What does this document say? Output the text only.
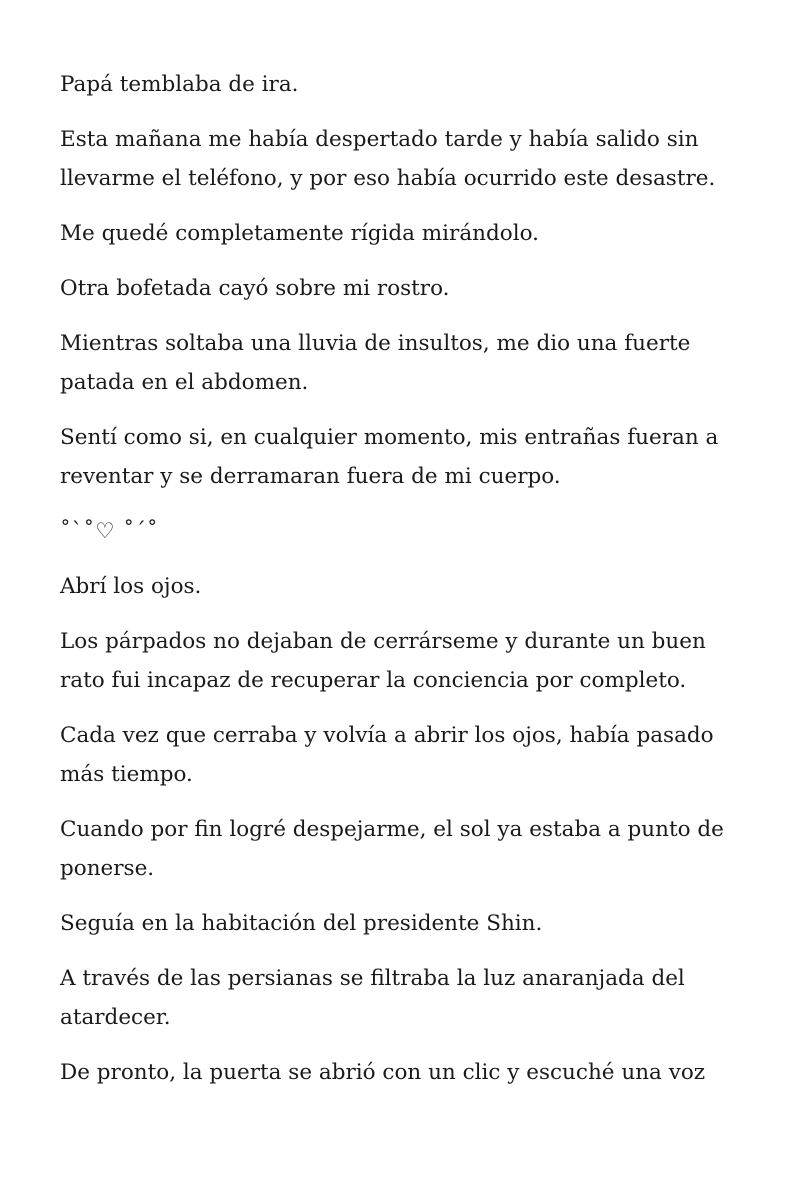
Papá temblaba de ira.

Esta mañana me había despertado tarde y había salido sin llevarme el teléfono, y por eso había ocurrido este desastre.

Me quedé completamente rígida mirándolo.

Otra bofetada cayó sobre mi rostro.

Mientras soltaba una lluvia de insultos, me dio una fuerte patada en el abdomen.

Sentí como si, en cualquier momento, mis entrañas fueran a reventar y se derramaran fuera de mi cuerpo.

˚`˚♡ ˚´˚

Abrí los ojos.

Los párpados no dejaban de cerrárseme y durante un buen rato fui incapaz de recuperar la conciencia por completo.

Cada vez que cerraba y volvía a abrir los ojos, había pasado más tiempo.

Cuando por fin logré despejarme, el sol ya estaba a punto de ponerse.

Seguía en la habitación del presidente Shin.

A través de las persianas se filtraba la luz anaranjada del atardecer.

De pronto, la puerta se abrió con un clic y escuché una voz
